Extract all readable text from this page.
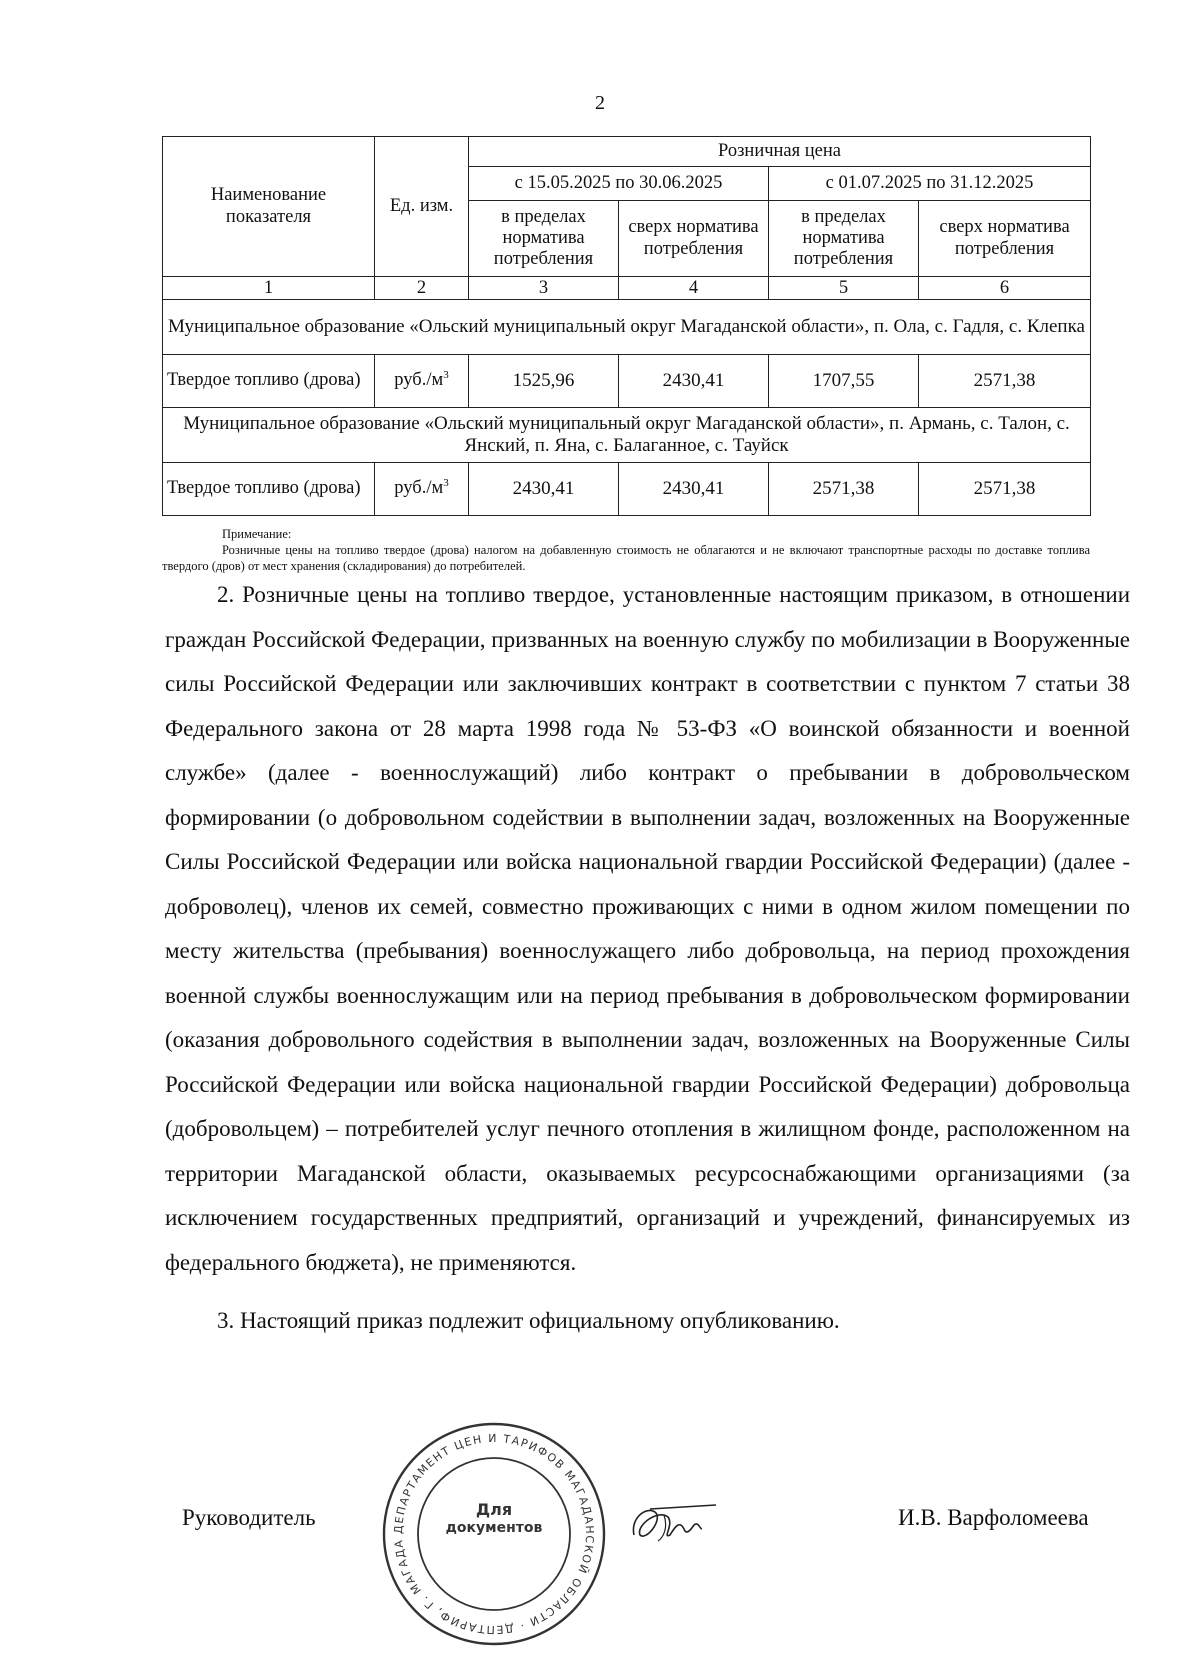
2
Наименование показателя	Ед. изм.	Розничная цена			
		с 15.05.2025 по 30.06.2025		с 01.07.2025 по 31.12.2025	
		в пределах норматива потребления	сверх норматива потребления	в пределах норматива потребления	сверх норматива потребления
1	2	3	4	5	6
Муниципальное образование «Ольский муниципальный округ Магаданской области», п. Ола, с. Гадля, с. Клепка					
Твердое топливо (дрова)	$руб./м^3$	1525,96	2430,41	1707,55	2571,38
Муниципальное образование «Ольский муниципальный округ Магаданской области», п. Армань, с. Талон, с. Янский, п. Яна, с. Балаганное, с. Тауйск					
Твердое топливо (дрова)	$руб./м^3$	2430,41	2430,41	2571,38	2571,38
Примечание:
Розничные цены на топливо твердое (дрова) налогом на добавленную стоимость не облагаются и не включают транспортные расходы по доставке топлива твердого (дров) от мест хранения (складирования) до потребителей.

2. Розничные цены на топливо твердое, установленные настоящим приказом, в отношении граждан Российской Федерации, призванных на военную службу по мобилизации в Вооруженные силы Российской Федерации или заключивших контракт в соответствии с пунктом 7 статьи 38 Федерального закона от 28 марта 1998 года № 53-ФЗ «О воинской обязанности и военной службе» (далее - военнослужащий) либо контракт о пребывании в добровольческом формировании (о добровольном содействии в выполнении задач, возложенных на Вооруженные Силы Российской Федерации или войска национальной гвардии Российской Федерации) (далее - доброволец), членов их семей, совместно проживающих с ними в одном жилом помещении по месту жительства (пребывания) военнослужащего либо добровольца, на период прохождения военной службы военнослужащим или на период пребывания в добровольческом формировании (оказания добровольного содействия в выполнении задач, возложенных на Вооруженные Силы Российской Федерации или войска национальной гвардии Российской Федерации) добровольца (добровольцем) – потребителей услуг печного отопления в жилищном фонде, расположенном на территории Магаданской области, оказываемых ресурсоснабжающими организациями (за исключением государственных предприятий, организаций и учреждений, финансируемых из федерального бюджета), не применяются.

3. Настоящий приказ подлежит официальному опубликованию.

Руководитель	И.В. Варфоломеева
ДЕПАРТАМЕНТ ЦЕН И ТАРИФОВ МАГАДАНСКОЙ ОБЛАСТИ · ДЕПТАРИФ, Г. МАГАДА
Для
документов
